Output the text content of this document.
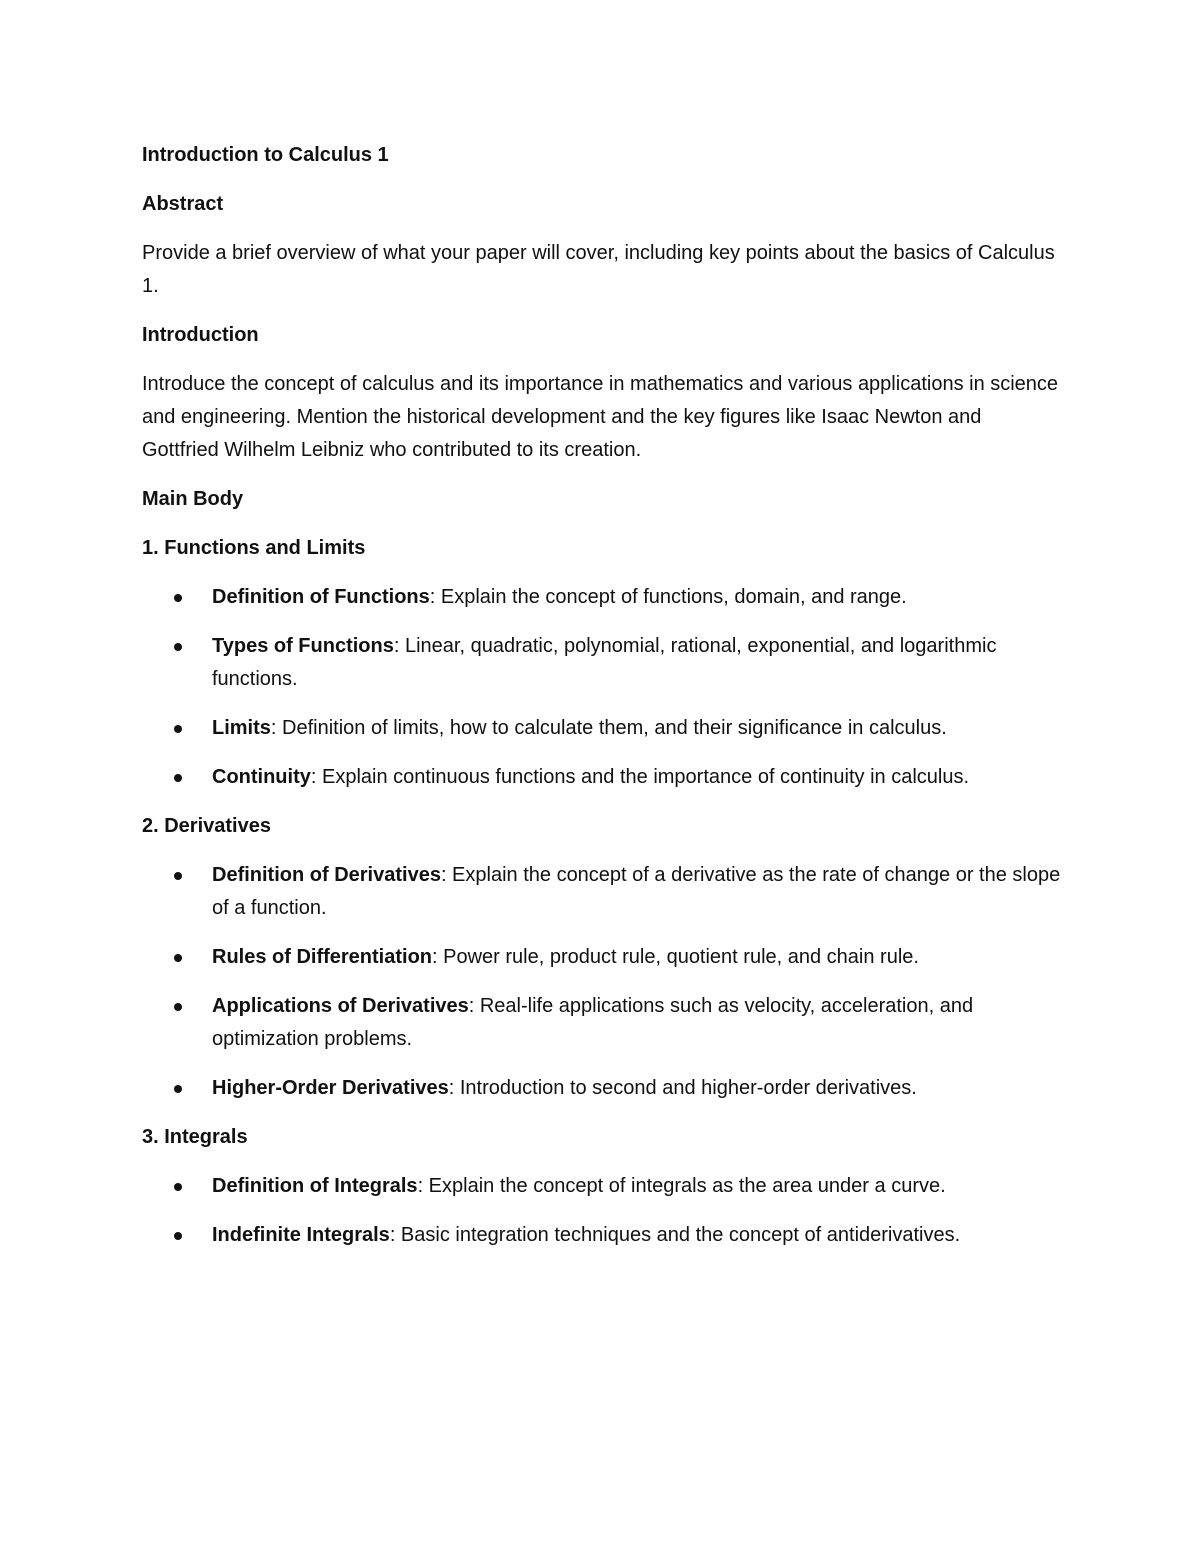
Introduction to Calculus 1
Abstract
Provide a brief overview of what your paper will cover, including key points about the basics of Calculus 1.
Introduction
Introduce the concept of calculus and its importance in mathematics and various applications in science and engineering. Mention the historical development and the key figures like Isaac Newton and Gottfried Wilhelm Leibniz who contributed to its creation.
Main Body
1. Functions and Limits
Definition of Functions: Explain the concept of functions, domain, and range.
Types of Functions: Linear, quadratic, polynomial, rational, exponential, and logarithmic functions.
Limits: Definition of limits, how to calculate them, and their significance in calculus.
Continuity: Explain continuous functions and the importance of continuity in calculus.
2. Derivatives
Definition of Derivatives: Explain the concept of a derivative as the rate of change or the slope of a function.
Rules of Differentiation: Power rule, product rule, quotient rule, and chain rule.
Applications of Derivatives: Real-life applications such as velocity, acceleration, and optimization problems.
Higher-Order Derivatives: Introduction to second and higher-order derivatives.
3. Integrals
Definition of Integrals: Explain the concept of integrals as the area under a curve.
Indefinite Integrals: Basic integration techniques and the concept of antiderivatives.
